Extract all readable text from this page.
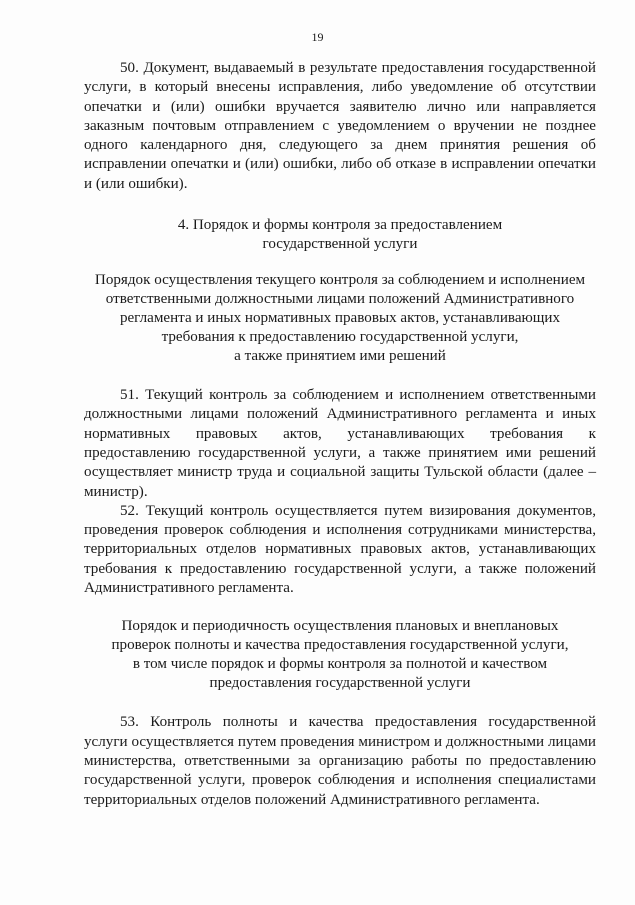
19

50. Документ, выдаваемый в результате предоставления государственной услуги, в который внесены исправления, либо уведомление об отсутствии опечатки и (или) ошибки вручается заявителю лично или направляется заказным почтовым отправлением с уведомлением о вручении не позднее одного календарного дня, следующего за днем принятия решения об исправлении опечатки и (или) ошибки, либо об отказе в исправлении опечатки и (или ошибки).

4. Порядок и формы контроля за предоставлением
государственной услуги
Порядок осуществления текущего контроля за соблюдением и исполнением
ответственными должностными лицами положений Административного
регламента и иных нормативных правовых актов, устанавливающих
требования к предоставлению государственной услуги,
а также принятием ими решений

51. Текущий контроль за соблюдением и исполнением ответственными должностными лицами положений Административного регламента и иных нормативных правовых актов, устанавливающих требования к предоставлению государственной услуги, а также принятием ими решений осуществляет министр труда и социальной защиты Тульской области (далее – министр).

52. Текущий контроль осуществляется путем визирования документов, проведения проверок соблюдения и исполнения сотрудниками министерства, территориальных отделов нормативных правовых актов, устанавливающих требования к предоставлению государственной услуги, а также положений Административного регламента.

Порядок и периодичность осуществления плановых и внеплановых
проверок полноты и качества предоставления государственной услуги,
в том числе порядок и формы контроля за полнотой и качеством
предоставления государственной услуги

53. Контроль полноты и качества предоставления государственной услуги осуществляется путем проведения министром и должностными лицами министерства, ответственными за организацию работы по предоставлению государственной услуги, проверок соблюдения и исполнения специалистами территориальных отделов положений Административного регламента.
